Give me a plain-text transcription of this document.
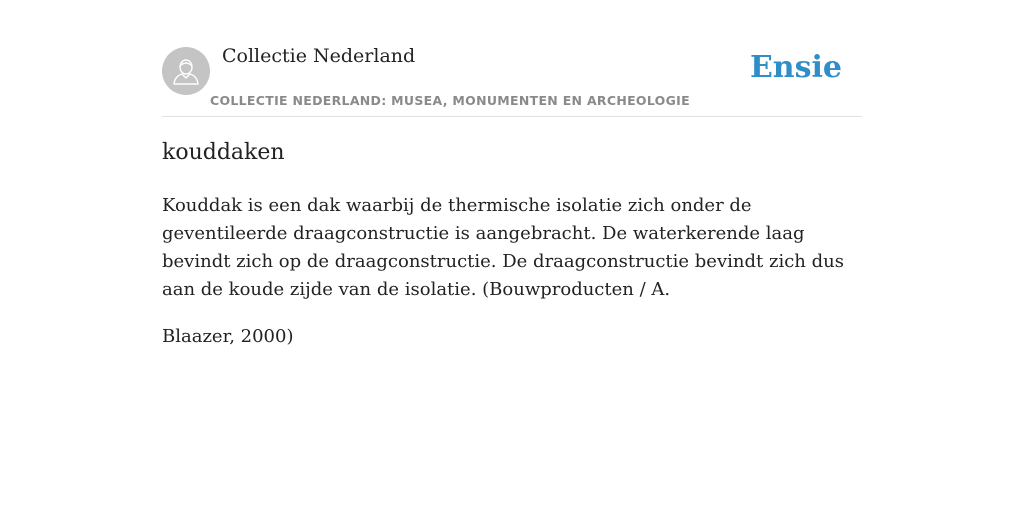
Collectie Nederland
COLLECTIE NEDERLAND: MUSEA, MONUMENTEN EN ARCHEOLOGIE
Ensie
kouddaken

Kouddak is een dak waarbij de thermische isolatie zich onder de geventileerde draagconstructie is aangebracht. De waterkerende laag bevindt zich op de draagconstructie. De draagconstructie bevindt zich dus aan de koude zijde van de isolatie. (Bouwproducten / A.

Blaazer, 2000)
